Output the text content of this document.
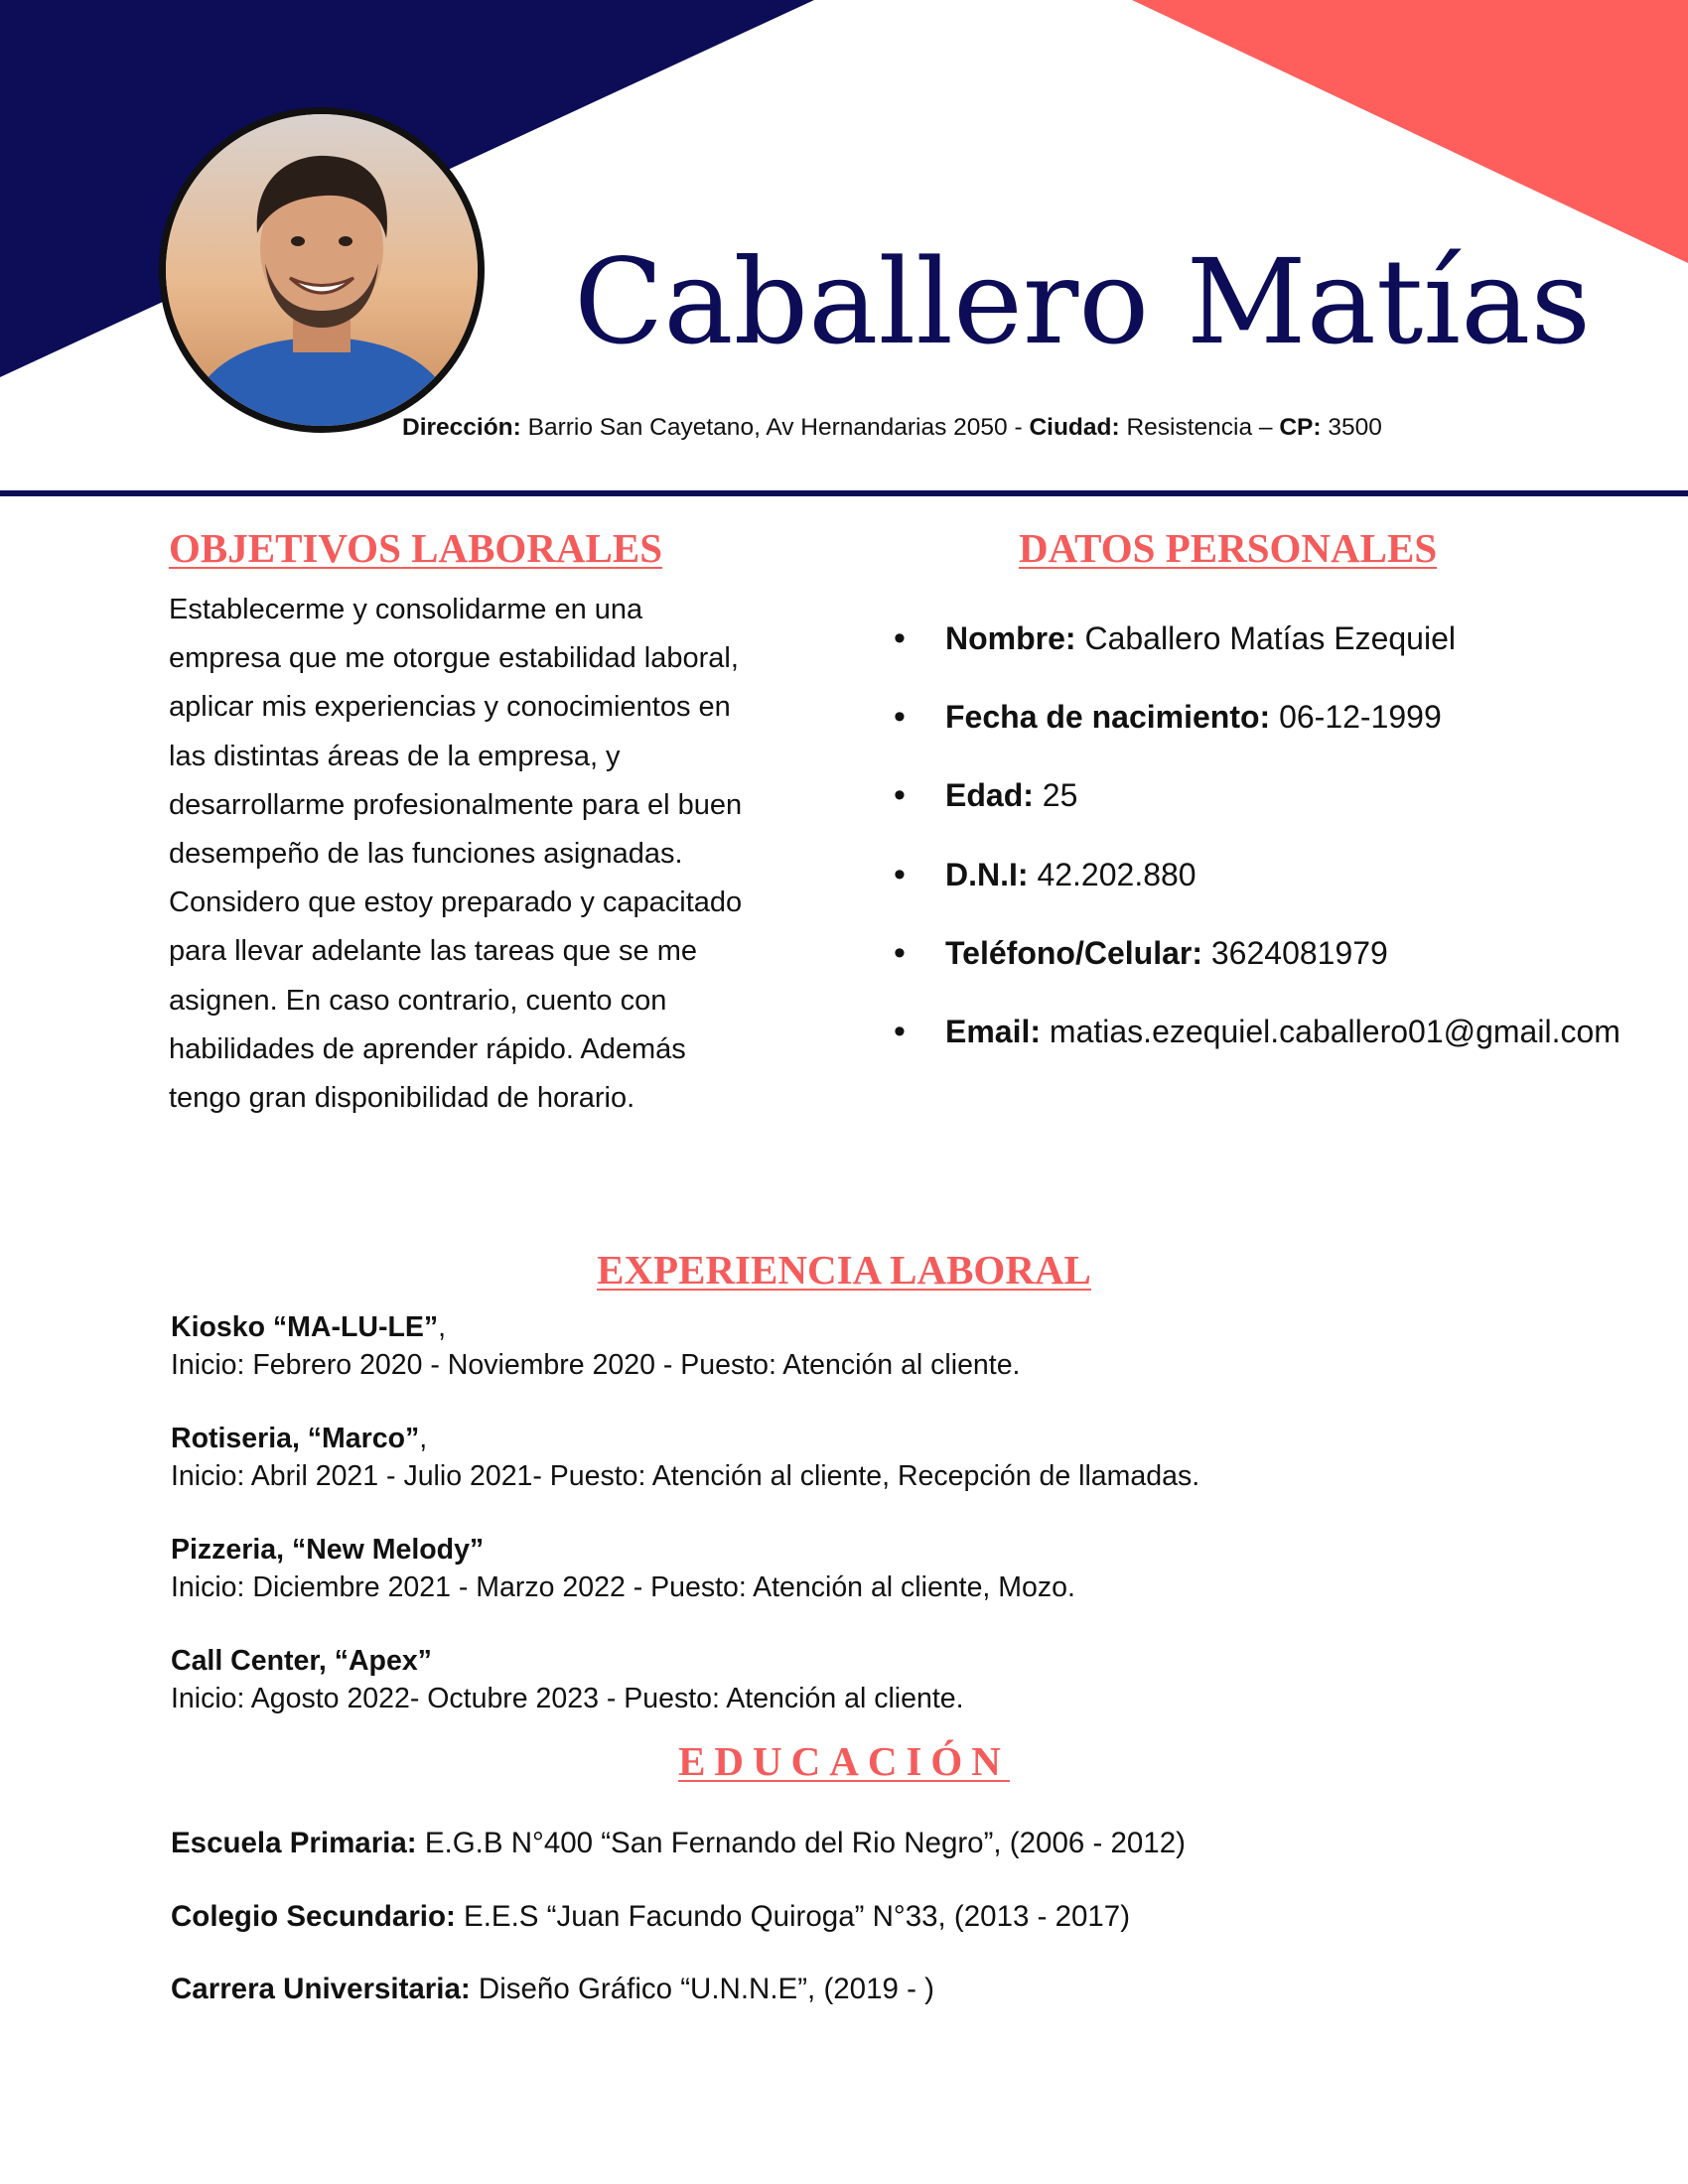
Caballero Matías
Dirección: Barrio San Cayetano, Av Hernandarias 2050 - Ciudad: Resistencia – CP: 3500
OBJETIVOS LABORALES
Establecerme y consolidarme en una empresa que me otorgue estabilidad laboral, aplicar mis experiencias y conocimientos en las distintas áreas de la empresa, y desarrollarme profesionalmente para el buen desempeño de las funciones asignadas. Considero que estoy preparado y capacitado para llevar adelante las tareas que se me asignen. En caso contrario, cuento con habilidades de aprender rápido. Además tengo gran disponibilidad de horario.
DATOS PERSONALES
• Nombre: Caballero Matías Ezequiel
• Fecha de nacimiento: 06-12-1999
• Edad: 25
• D.N.I: 42.202.880
• Teléfono/Celular: 3624081979
• Email: matias.ezequiel.caballero01@gmail.com
EXPERIENCIA LABORAL
Kiosko “MA-LU-LE”,
Inicio: Febrero 2020 - Noviembre 2020 - Puesto: Atención al cliente.
Rotiseria, “Marco”,
Inicio: Abril 2021 - Julio 2021- Puesto: Atención al cliente, Recepción de llamadas.
Pizzeria, “New Melody”
Inicio: Diciembre 2021 - Marzo 2022 - Puesto: Atención al cliente, Mozo.
Call Center, “Apex”
Inicio: Agosto 2022- Octubre 2023 - Puesto: Atención al cliente.
EDUCACIÓN
Escuela Primaria: E.G.B N°400 “San Fernando del Rio Negro”, (2006 - 2012)
Colegio Secundario: E.E.S “Juan Facundo Quiroga” N°33, (2013 - 2017)
Carrera Universitaria: Diseño Gráfico “U.N.N.E”, (2019 - )
